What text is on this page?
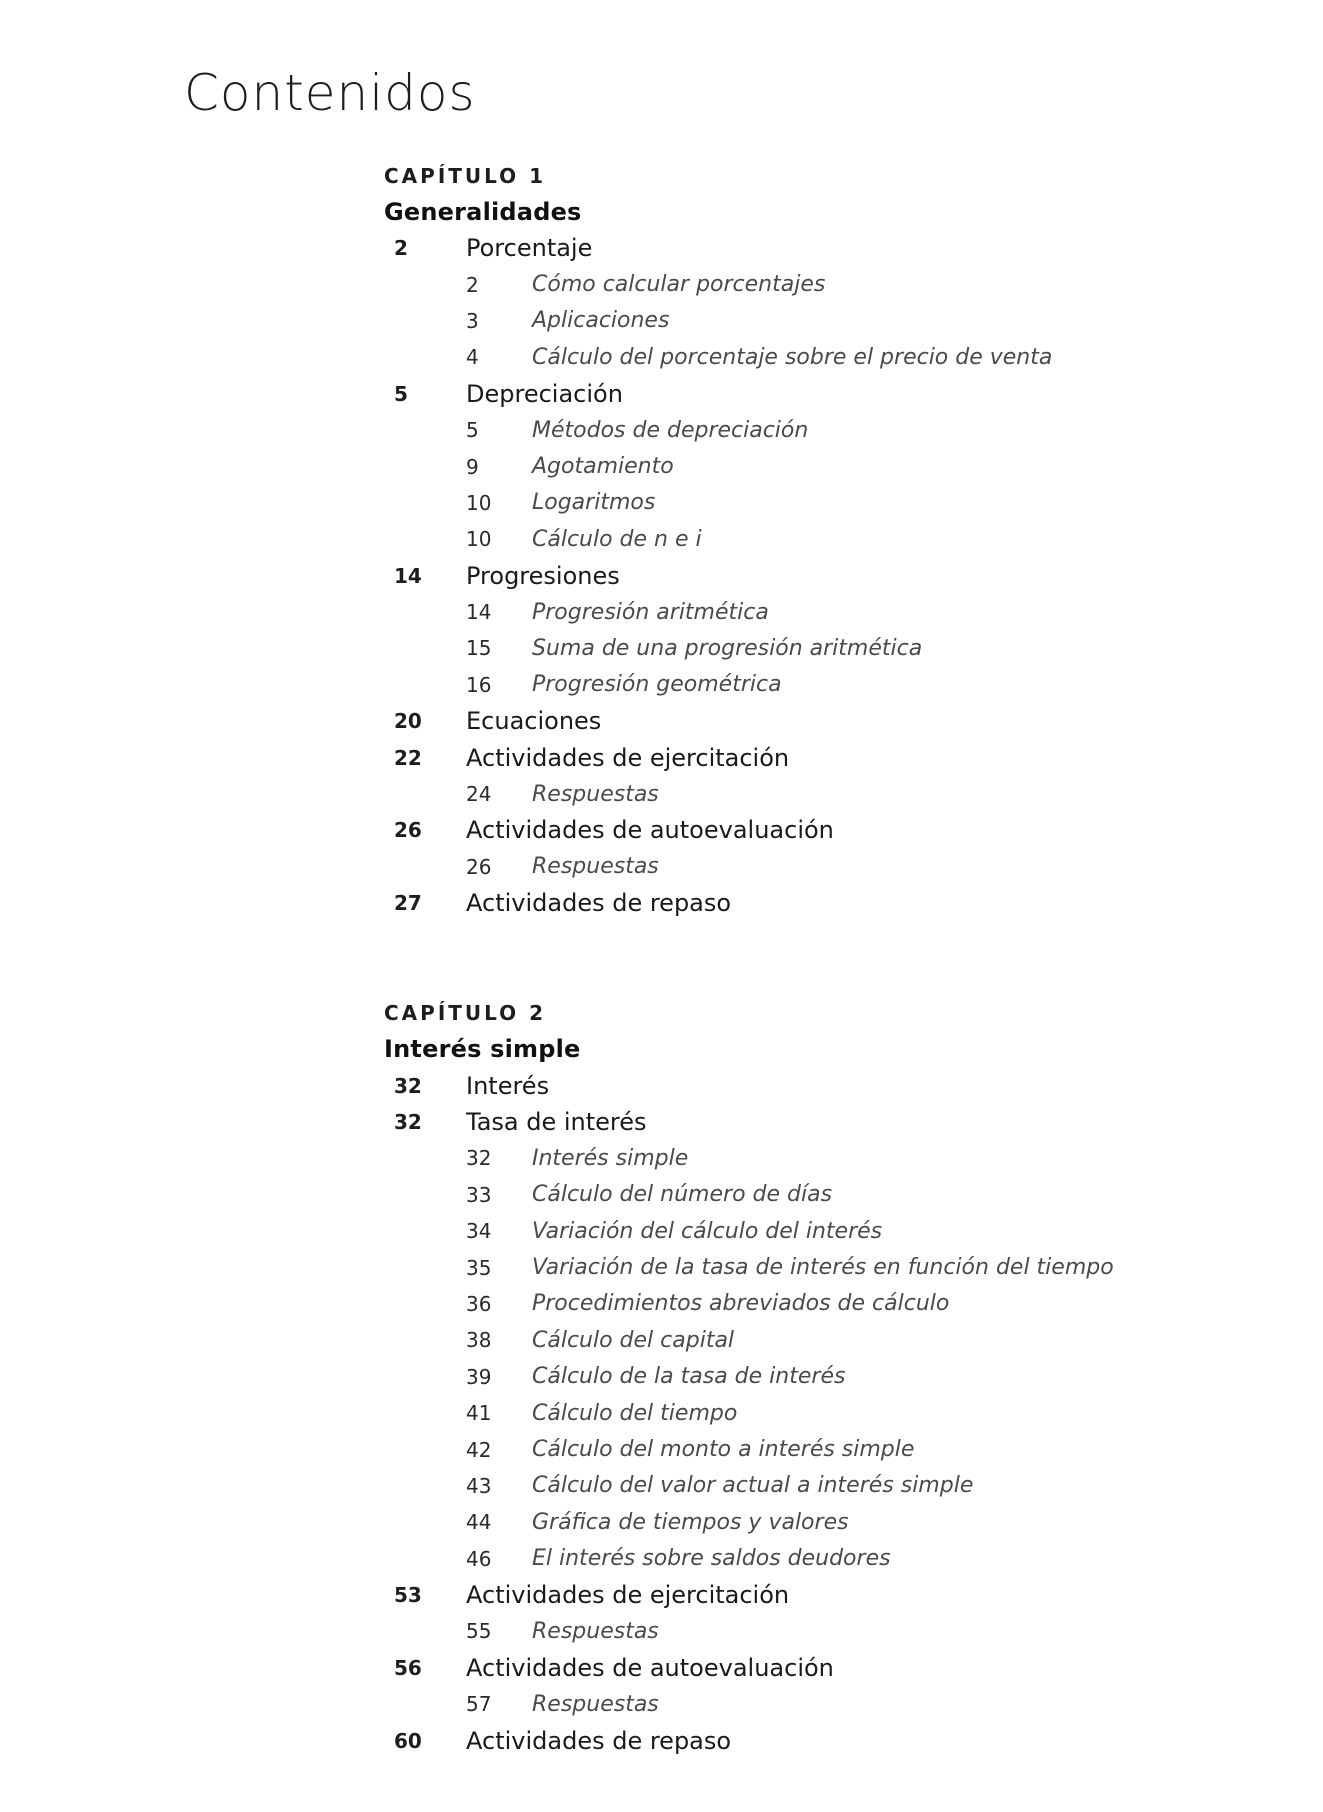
Contenidos
CAPÍTULO 1
Generalidades
2	Porcentaje
2	Cómo calcular porcentajes
3	Aplicaciones
4	Cálculo del porcentaje sobre el precio de venta
5	Depreciación
5	Métodos de depreciación
9	Agotamiento
10	Logaritmos
10	Cálculo de n e i
14	Progresiones
14	Progresión aritmética
15	Suma de una progresión aritmética
16	Progresión geométrica
20	Ecuaciones
22	Actividades de ejercitación
24	Respuestas
26	Actividades de autoevaluación
26	Respuestas
27	Actividades de repaso
CAPÍTULO 2
Interés simple
32	Interés
32	Tasa de interés
32	Interés simple
33	Cálculo del número de días
34	Variación del cálculo del interés
35	Variación de la tasa de interés en función del tiempo
36	Procedimientos abreviados de cálculo
38	Cálculo del capital
39	Cálculo de la tasa de interés
41	Cálculo del tiempo
42	Cálculo del monto a interés simple
43	Cálculo del valor actual a interés simple
44	Gráfica de tiempos y valores
46	El interés sobre saldos deudores
53	Actividades de ejercitación
55	Respuestas
56	Actividades de autoevaluación
57	Respuestas
60	Actividades de repaso
